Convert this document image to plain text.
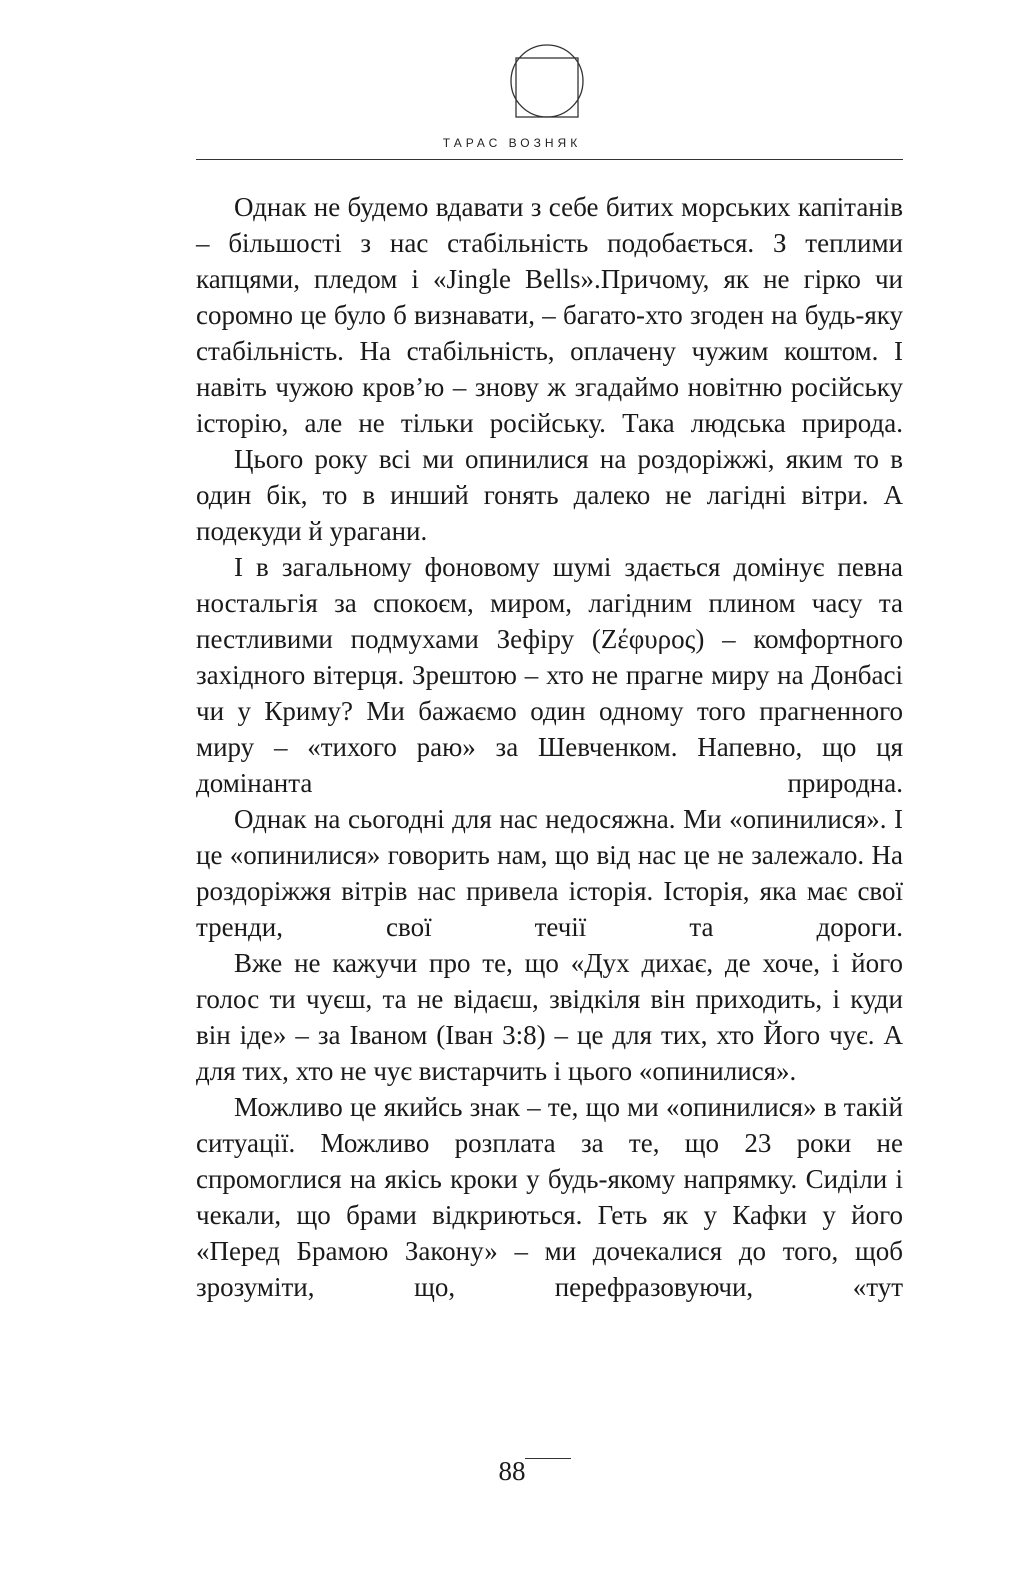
ТАРАС ВОЗНЯК

Однак не будемо вдавати з себе битих морських капітанів – більшості з нас стабільність подобається. З теплими капцями, пледом і «Jingle Bells».Причому, як не гірко чи соромно це було б визнавати, – багато-хто згоден на будь-яку стабільність. На стабільність, оплачену чужим коштом. І навіть чужою кров’ю – знову ж згадаймо новітню російську історію, але не тільки російську. Така людська природа.

Цього року всі ми опинилися на роздоріжжі, яким то в один бік, то в инший гонять далеко не лагідні вітри. А подекуди й урагани.

І в загальному фоновому шумі здається домінує певна ностальгія за спокоєм, миром, лагідним плином часу та пестливими подмухами Зефіру (Ζέφυρος) – комфортного західного вітерця. Зрештою – хто не прагне миру на Донбасі чи у Криму? Ми бажаємо один одному того прагненного миру – «тихого раю» за Шевченком. Напевно, що ця домінанта природна.

Однак на сьогодні для нас недосяжна. Ми «опинилися». І це «опинилися» говорить нам, що від нас це не залежало. На роздоріжжя вітрів нас привела історія. Історія, яка має свої тренди, свої течії та дороги.

Вже не кажучи про те, що «Дух дихає, де хоче, і його голос ти чуєш, та не відаєш, звідкіля він приходить, і куди він іде» – за Іваном (Іван 3:8) – це для тих, хто Його чує. А для тих, хто не чує вистарчить і цього «опинилися».

Можливо це якийсь знак – те, що ми «опинилися» в такій ситуації. Можливо розплата за те, що 23 роки не спромоглися на якісь кроки у будь-якому напрямку. Сиділи і чекали, що брами відкриються. Геть як у Кафки у його «Перед Брамою Закону» – ми дочекалися до того, щоб зрозуміти, що, перефразовуючи, «тут

88
